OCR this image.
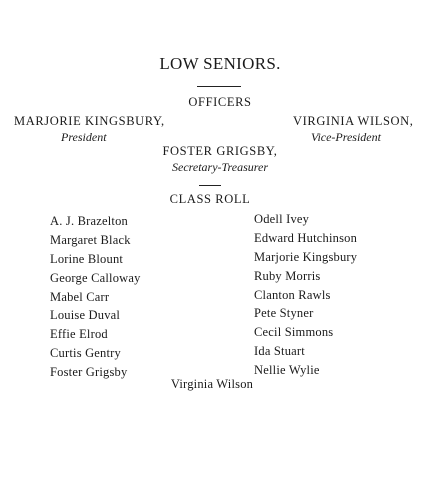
LOW SENIORS.
OFFICERS
MARJORIE KINGSBURY,
President
VIRGINIA WILSON,
Vice-President
FOSTER GRIGSBY,
Secretary-Treasurer
CLASS ROLL
A. J. Brazelton
Margaret Black
Lorine Blount
George Calloway
Mabel Carr
Louise Duval
Effie Elrod
Curtis Gentry
Foster Grigsby
Odell Ivey
Edward Hutchinson
Marjorie Kingsbury
Ruby Morris
Clanton Rawls
Pete Styner
Cecil Simmons
Ida Stuart
Nellie Wylie
Virginia Wilson
